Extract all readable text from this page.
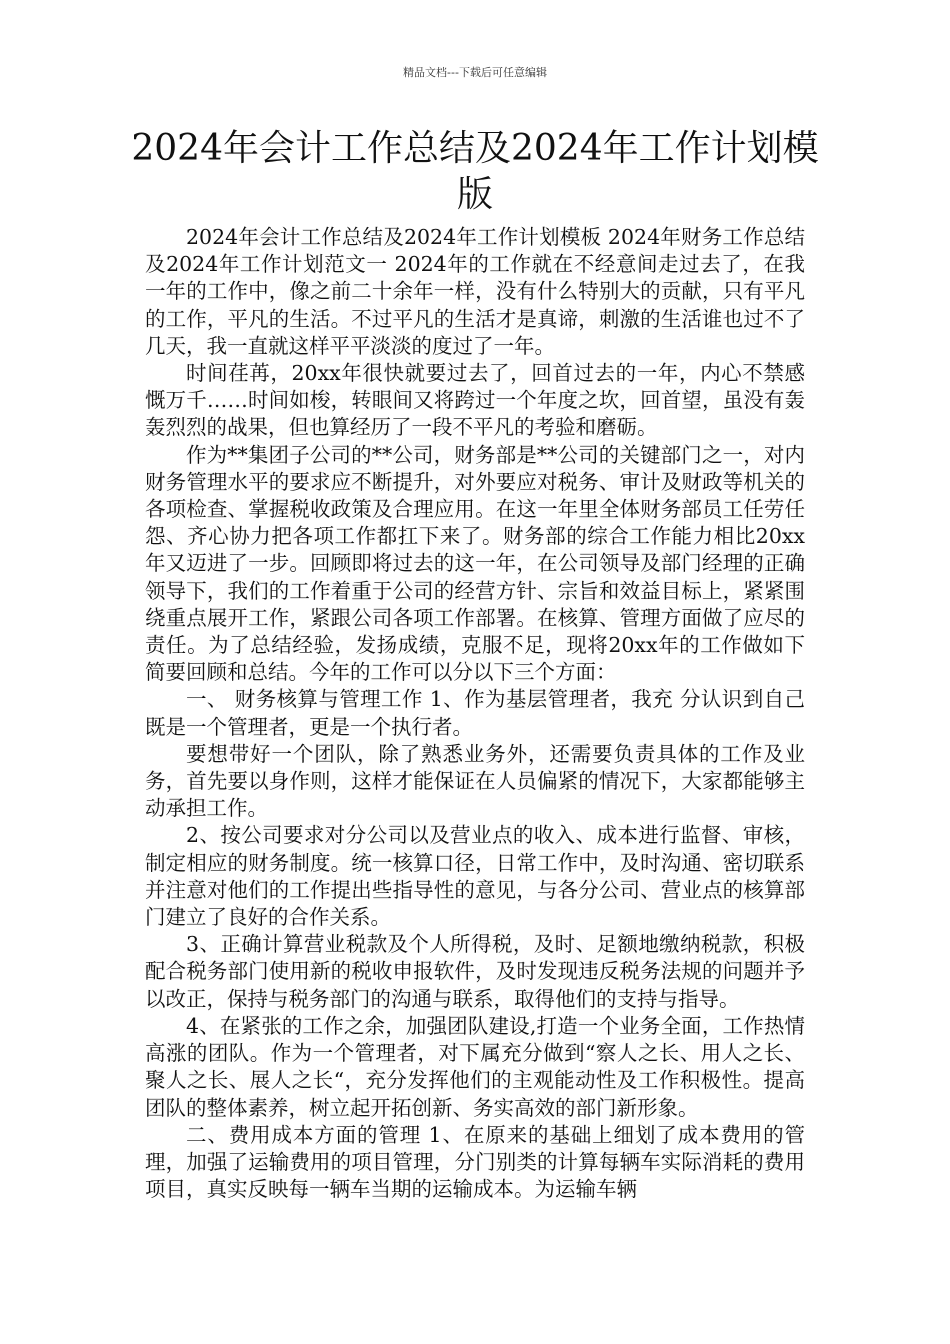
精品文档---下载后可任意编辑
2024年会计工作总结及2024年工作计划模版

2024年会计工作总结及2024年工作计划模板 2024年财务工作总结及2024年工作计划范文一 2024年的工作就在不经意间走过去了，在我一年的工作中，像之前二十余年一样，没有什么特别大的贡献，只有平凡的工作，平凡的生活。不过平凡的生活才是真谛，刺激的生活谁也过不了几天，我一直就这样平平淡淡的度过了一年。

时间荏苒，20xx年很快就要过去了，回首过去的一年，内心不禁感慨万千……时间如梭，转眼间又将跨过一个年度之坎，回首望，虽没有轰轰烈烈的战果，但也算经历了一段不平凡的考验和磨砺。

作为**集团子公司的**公司，财务部是**公司的关键部门之一，对内财务管理水平的要求应不断提升，对外要应对税务、审计及财政等机关的各项检查、掌握税收政策及合理应用。在这一年里全体财务部员工任劳任怨、齐心协力把各项工作都扛下来了。财务部的综合工作能力相比20xx年又迈进了一步。回顾即将过去的这一年，在公司领导及部门经理的正确领导下，我们的工作着重于公司的经营方针、宗旨和效益目标上，紧紧围绕重点展开工作，紧跟公司各项工作部署。在核算、管理方面做了应尽的责任。为了总结经验，发扬成绩，克服不足，现将20xx年的工作做如下简要回顾和总结。今年的工作可以分以下三个方面：

一、 财务核算与管理工作 1、作为基层管理者，我充 分认识到自己既是一个管理者，更是一个执行者。

要想带好一个团队，除了熟悉业务外，还需要负责具体的工作及业务，首先要以身作则，这样才能保证在人员偏紧的情况下，大家都能够主动承担工作。

2、按公司要求对分公司以及营业点的收入、成本进行监督、审核，制定相应的财务制度。统一核算口径，日常工作中，及时沟通、密切联系并注意对他们的工作提出些指导性的意见，与各分公司、营业点的核算部门建立了良好的合作关系。

3、正确计算营业税款及个人所得税，及时、足额地缴纳税款，积极配合税务部门使用新的税收申报软件，及时发现违反税务法规的问题并予以改正，保持与税务部门的沟通与联系，取得他们的支持与指导。

4、在紧张的工作之余，加强团队建设,打造一个业务全面，工作热情高涨的团队。作为一个管理者，对下属充分做到“察人之长、用人之长、聚人之长、展人之长“，充分发挥他们的主观能动性及工作积极性。提高团队的整体素养，树立起开拓创新、务实高效的部门新形象。

二、费用成本方面的管理 1、在原来的基础上细划了成本费用的管理，加强了运输费用的项目管理，分门别类的计算每辆车实际消耗的费用项目，真实反映每一辆车当期的运输成本。为运输车辆
